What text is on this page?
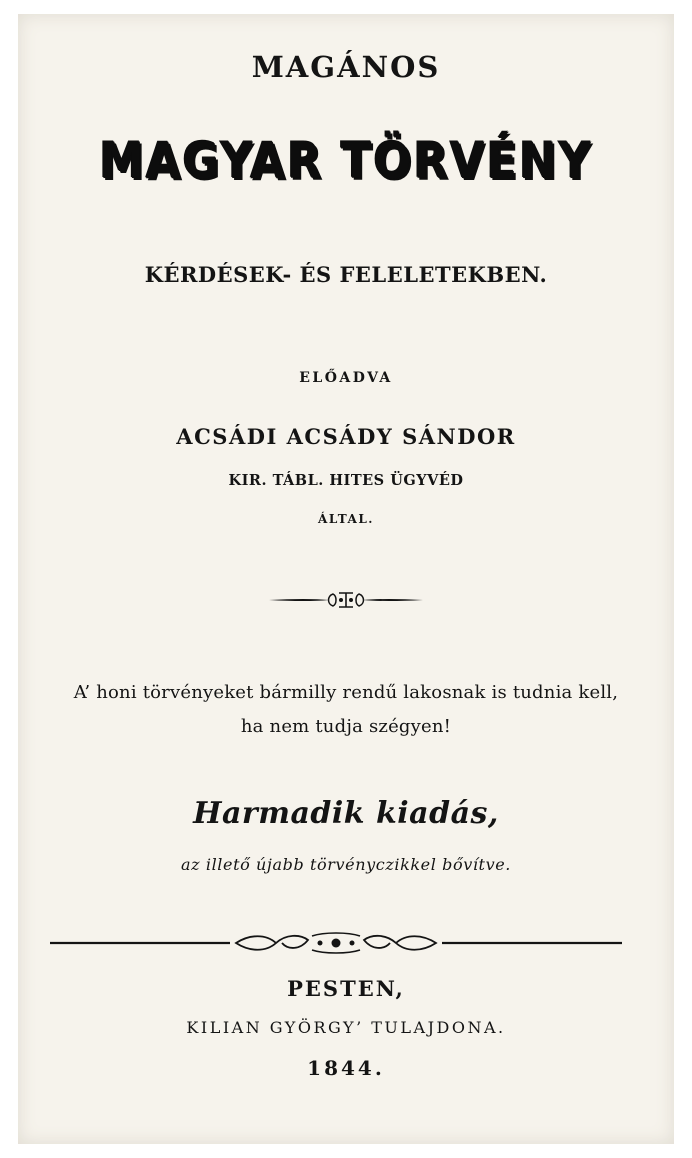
MAGÁNOS
MAGYAR TÖRVÉNY
KÉRDÉSEK- ÉS FELELETEKBEN.
ELŐADVA
ACSÁDI ACSÁDY SÁNDOR
KIR. TÁBL. HITES ÜGYVÉD
ÁLTAL.
A’ honi törvényeket bármilly rendű lakosnak is tudnia kell,
ha nem tudja szégyen!
Harmadik kiadás,
az illető újabb törvényczikkel bővítve.
PESTEN,
KILIAN GYÖRGY’ TULAJDONA.
1844.
